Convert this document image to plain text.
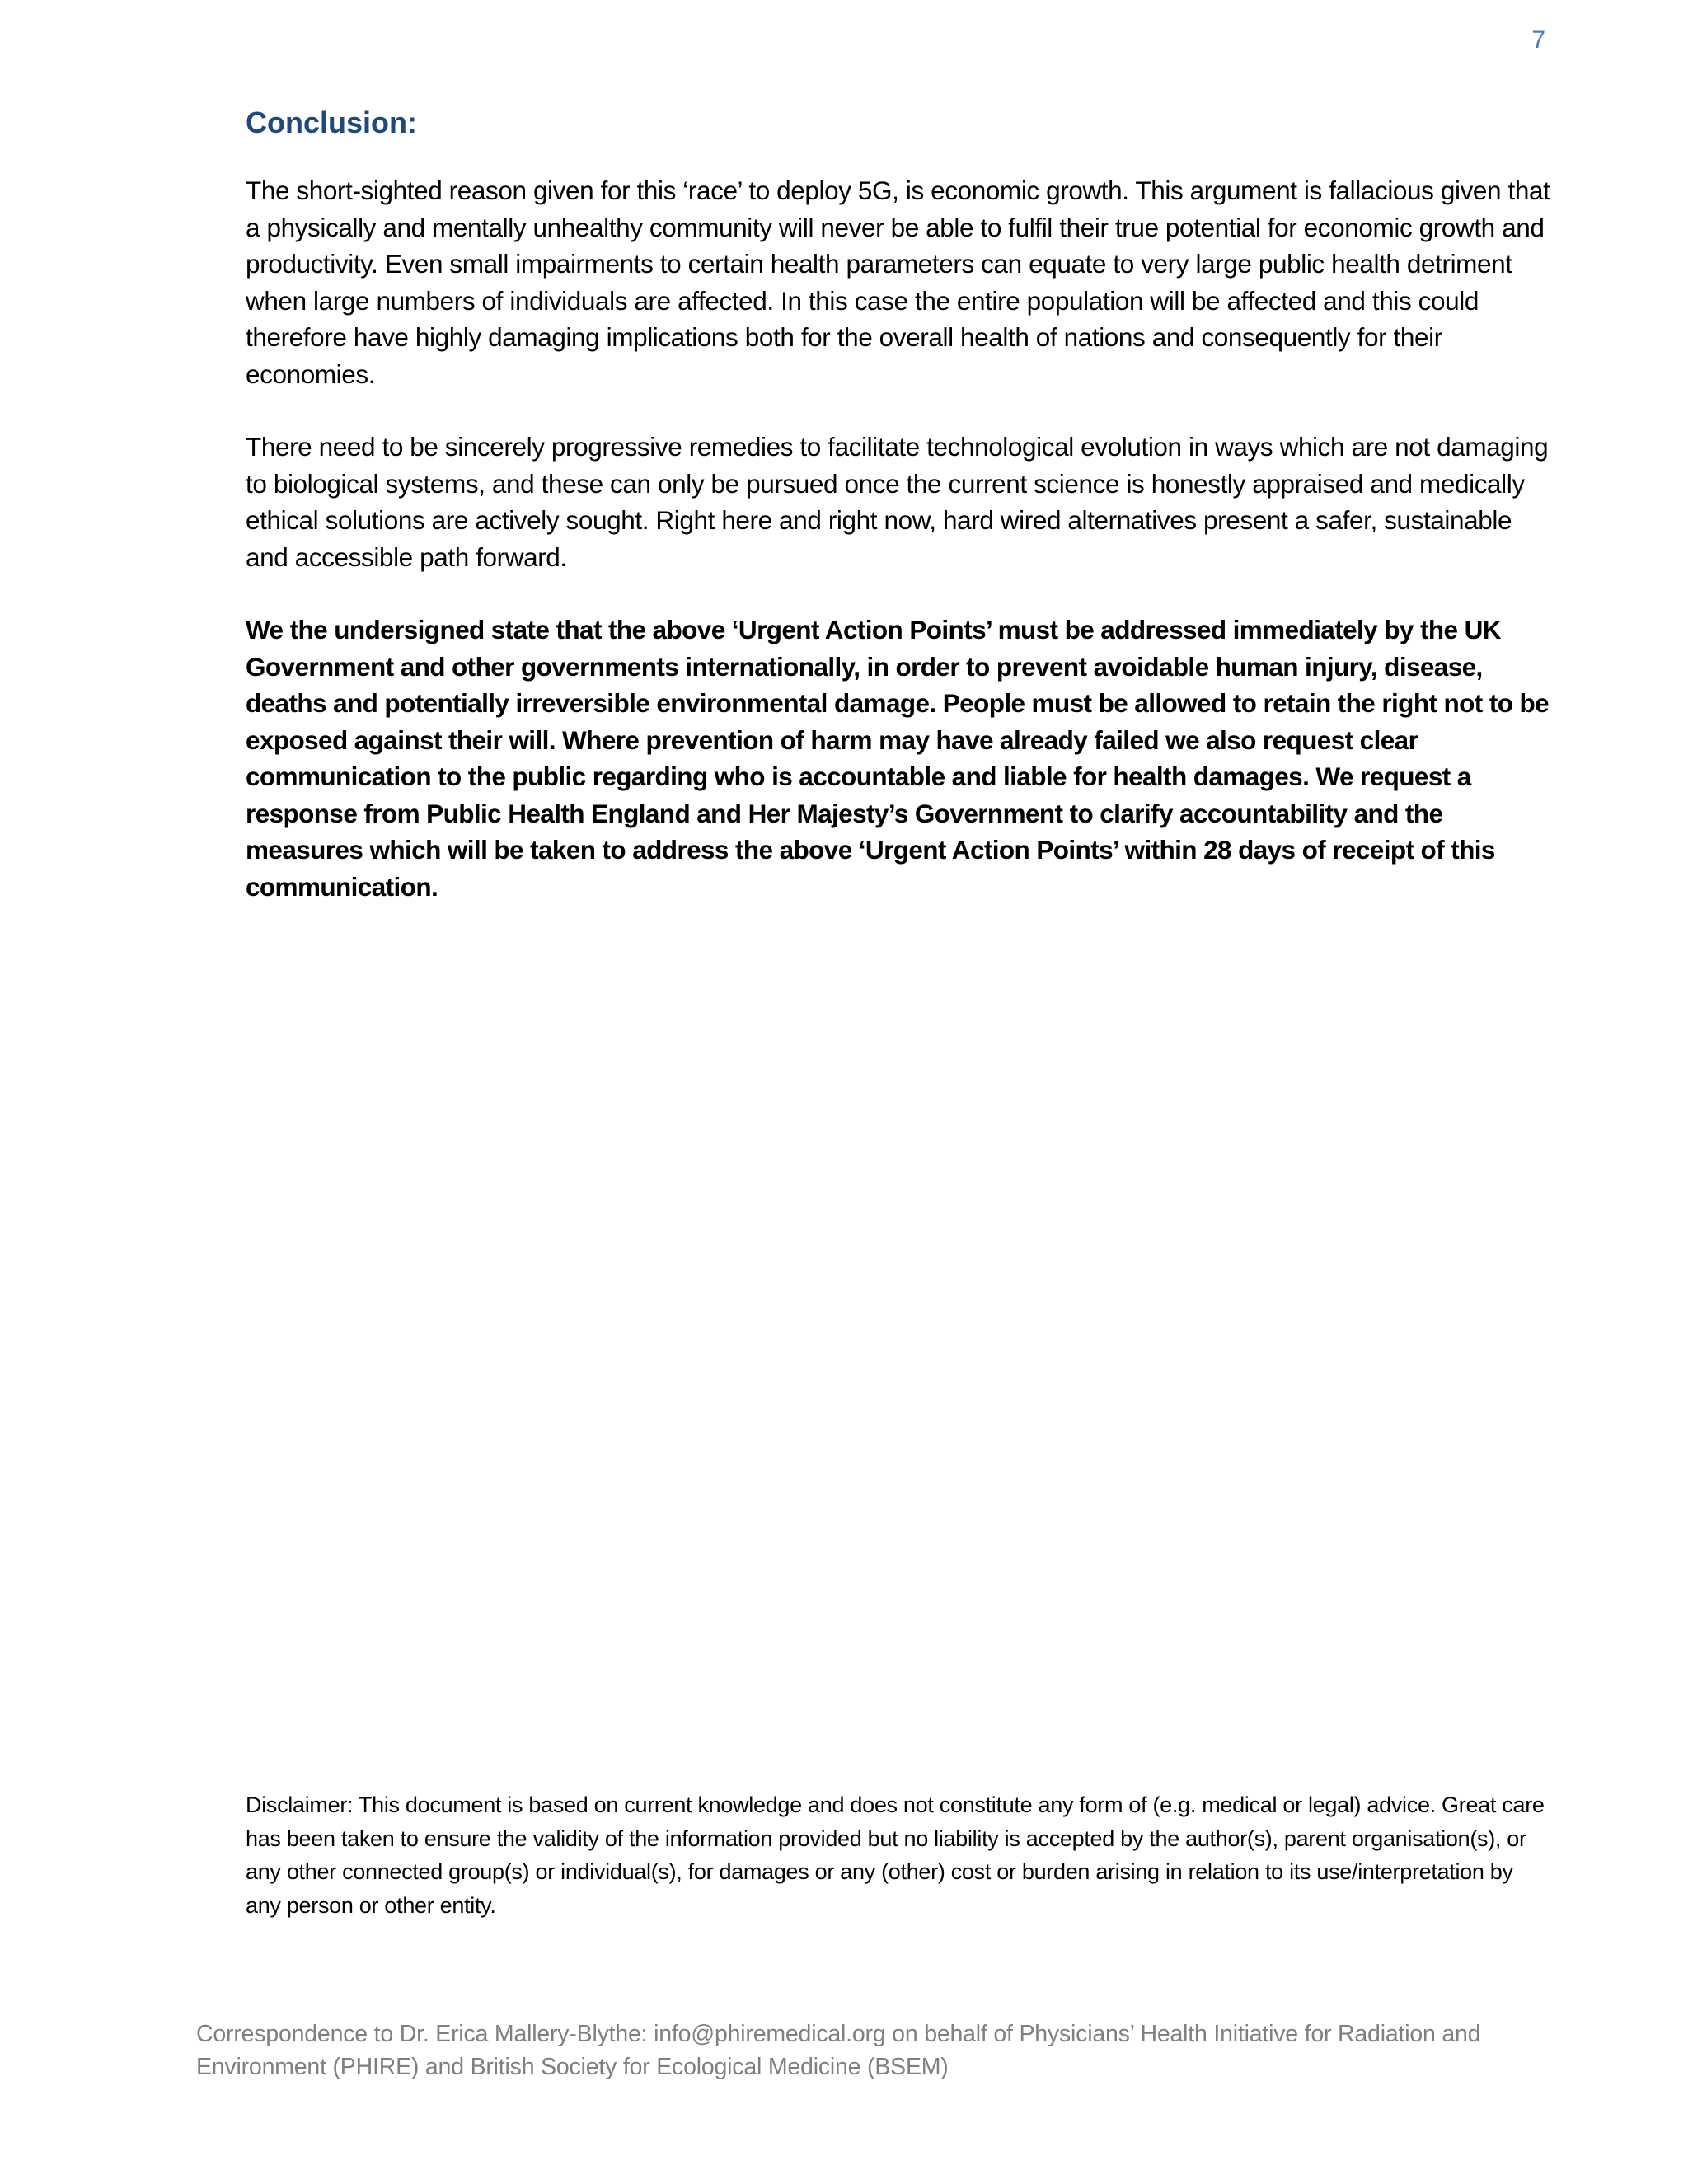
7
Conclusion:

The short-sighted reason given for this ‘race’ to deploy 5G, is economic growth. This argument is fallacious given that a physically and mentally unhealthy community will never be able to fulfil their true potential for economic growth and productivity. Even small impairments to certain health parameters can equate to very large public health detriment when large numbers of individuals are affected. In this case the entire population will be affected and this could therefore have highly damaging implications both for the overall health of nations and consequently for their economies.

There need to be sincerely progressive remedies to facilitate technological evolution in ways which are not damaging to biological systems, and these can only be pursued once the current science is honestly appraised and medically ethical solutions are actively sought. Right here and right now, hard wired alternatives present a safer, sustainable and accessible path forward.

We the undersigned state that the above ‘Urgent Action Points’ must be addressed immediately by the UK Government and other governments internationally, in order to prevent avoidable human injury, disease, deaths and potentially irreversible environmental damage. People must be allowed to retain the right not to be exposed against their will. Where prevention of harm may have already failed we also request clear communication to the public regarding who is accountable and liable for health damages. We request a response from Public Health England and Her Majesty’s Government to clarify accountability and the measures which will be taken to address the above ‘Urgent Action Points’ within 28 days of receipt of this communication.

Disclaimer: This document is based on current knowledge and does not constitute any form of (e.g. medical or legal) advice. Great care has been taken to ensure the validity of the information provided but no liability is accepted by the author(s), parent organisation(s), or any other connected group(s) or individual(s), for damages or any (other) cost or burden arising in relation to its use/interpretation by any person or other entity.

Correspondence to Dr. Erica Mallery-Blythe: info@phiremedical.org on behalf of Physicians’ Health Initiative for Radiation and Environment (PHIRE) and British Society for Ecological Medicine (BSEM)
